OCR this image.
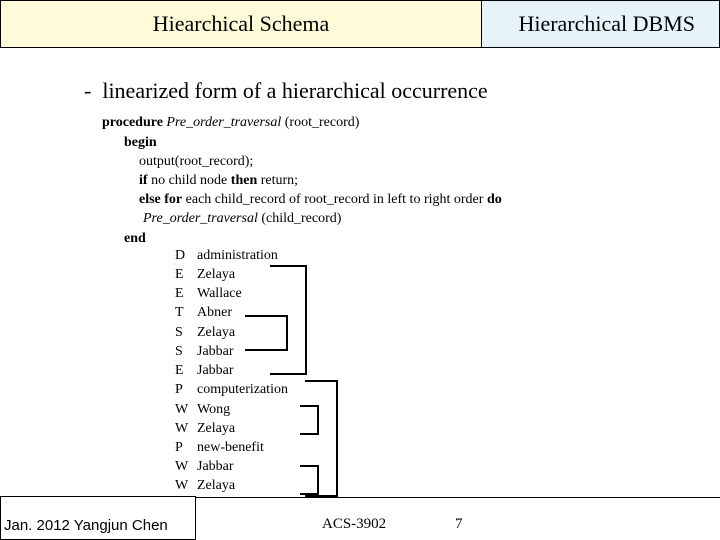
Hiearchical Schema	Hierarchical DBMS
- linearized form of a hierarchical occurrence
procedure Pre_order_traversal (root_record)
begin
output(root_record);
if no child node then return;
else for each child_record of root_record in left to right order do
Pre_order_traversal (child_record)
end
D administration
E Zelaya
E Wallace
T Abner
S Zelaya
S Jabbar
E Jabbar
P computerization
W Wong
W Zelaya
P new-benefit
W Jabbar
W Zelaya
Jan. 2012 Yangjun Chen	ACS-3902	7
